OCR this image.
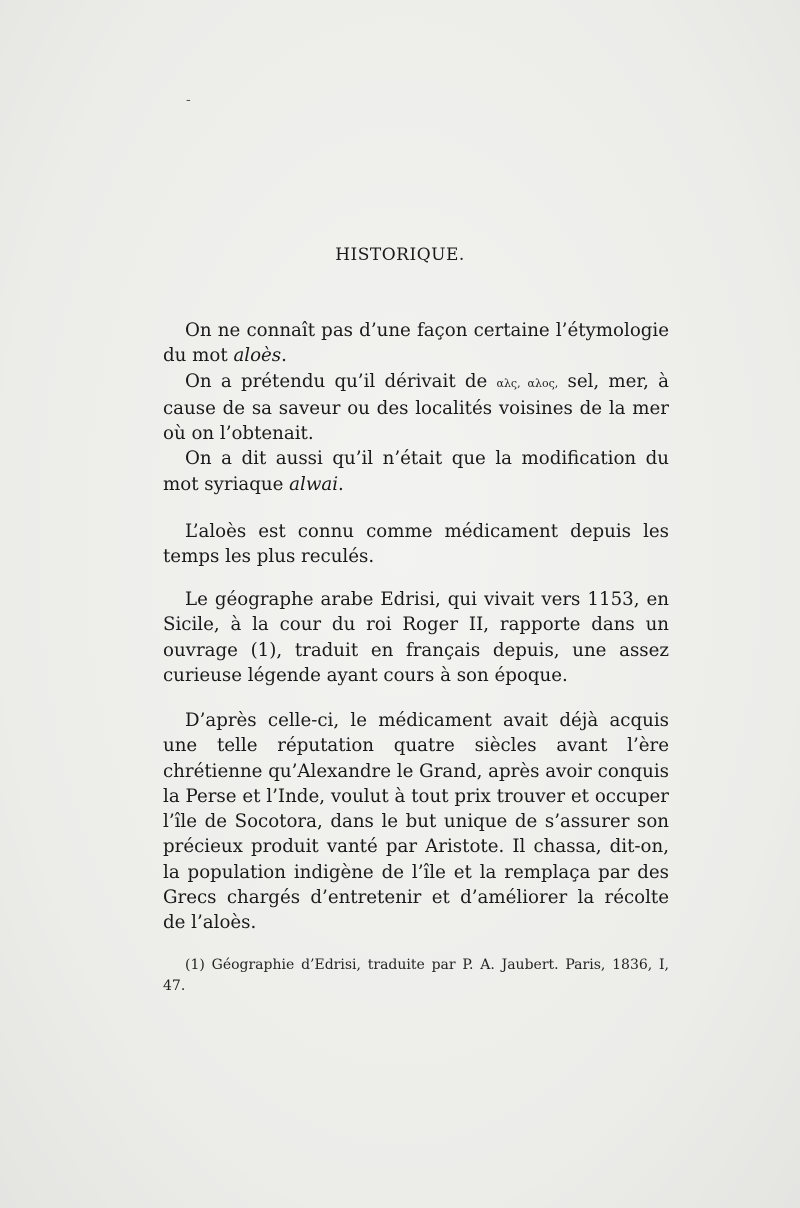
-
HISTORIQUE.

On ne connaît pas d’une façon certaine l’étymologie du mot aloès.

On a prétendu qu’il dérivait de αλς, αλος, sel, mer, à cause de sa saveur ou des localités voisines de la mer où on l’obtenait.

On a dit aussi qu’il n’était que la modification du mot syriaque alwai.

L’aloès est connu comme médicament depuis les temps les plus reculés.

Le géographe arabe Edrisi, qui vivait vers 1153, en Sicile, à la cour du roi Roger II, rapporte dans un ouvrage (1), traduit en français depuis, une assez curieuse légende ayant cours à son époque.

D’après celle-ci, le médicament avait déjà acquis une telle réputation quatre siècles avant l’ère chrétienne qu’Alexandre le Grand, après avoir conquis la Perse et l’Inde, voulut à tout prix trouver et occuper l’île de Socotora, dans le but unique de s’assurer son précieux produit vanté par Aristote. Il chassa, dit-on, la population indigène de l’île et la remplaça par des Grecs chargés d’entretenir et d’améliorer la récolte de l’aloès.

(1) Géographie d’Edrisi, traduite par P. A. Jaubert. Paris, 1836, I, 47.
